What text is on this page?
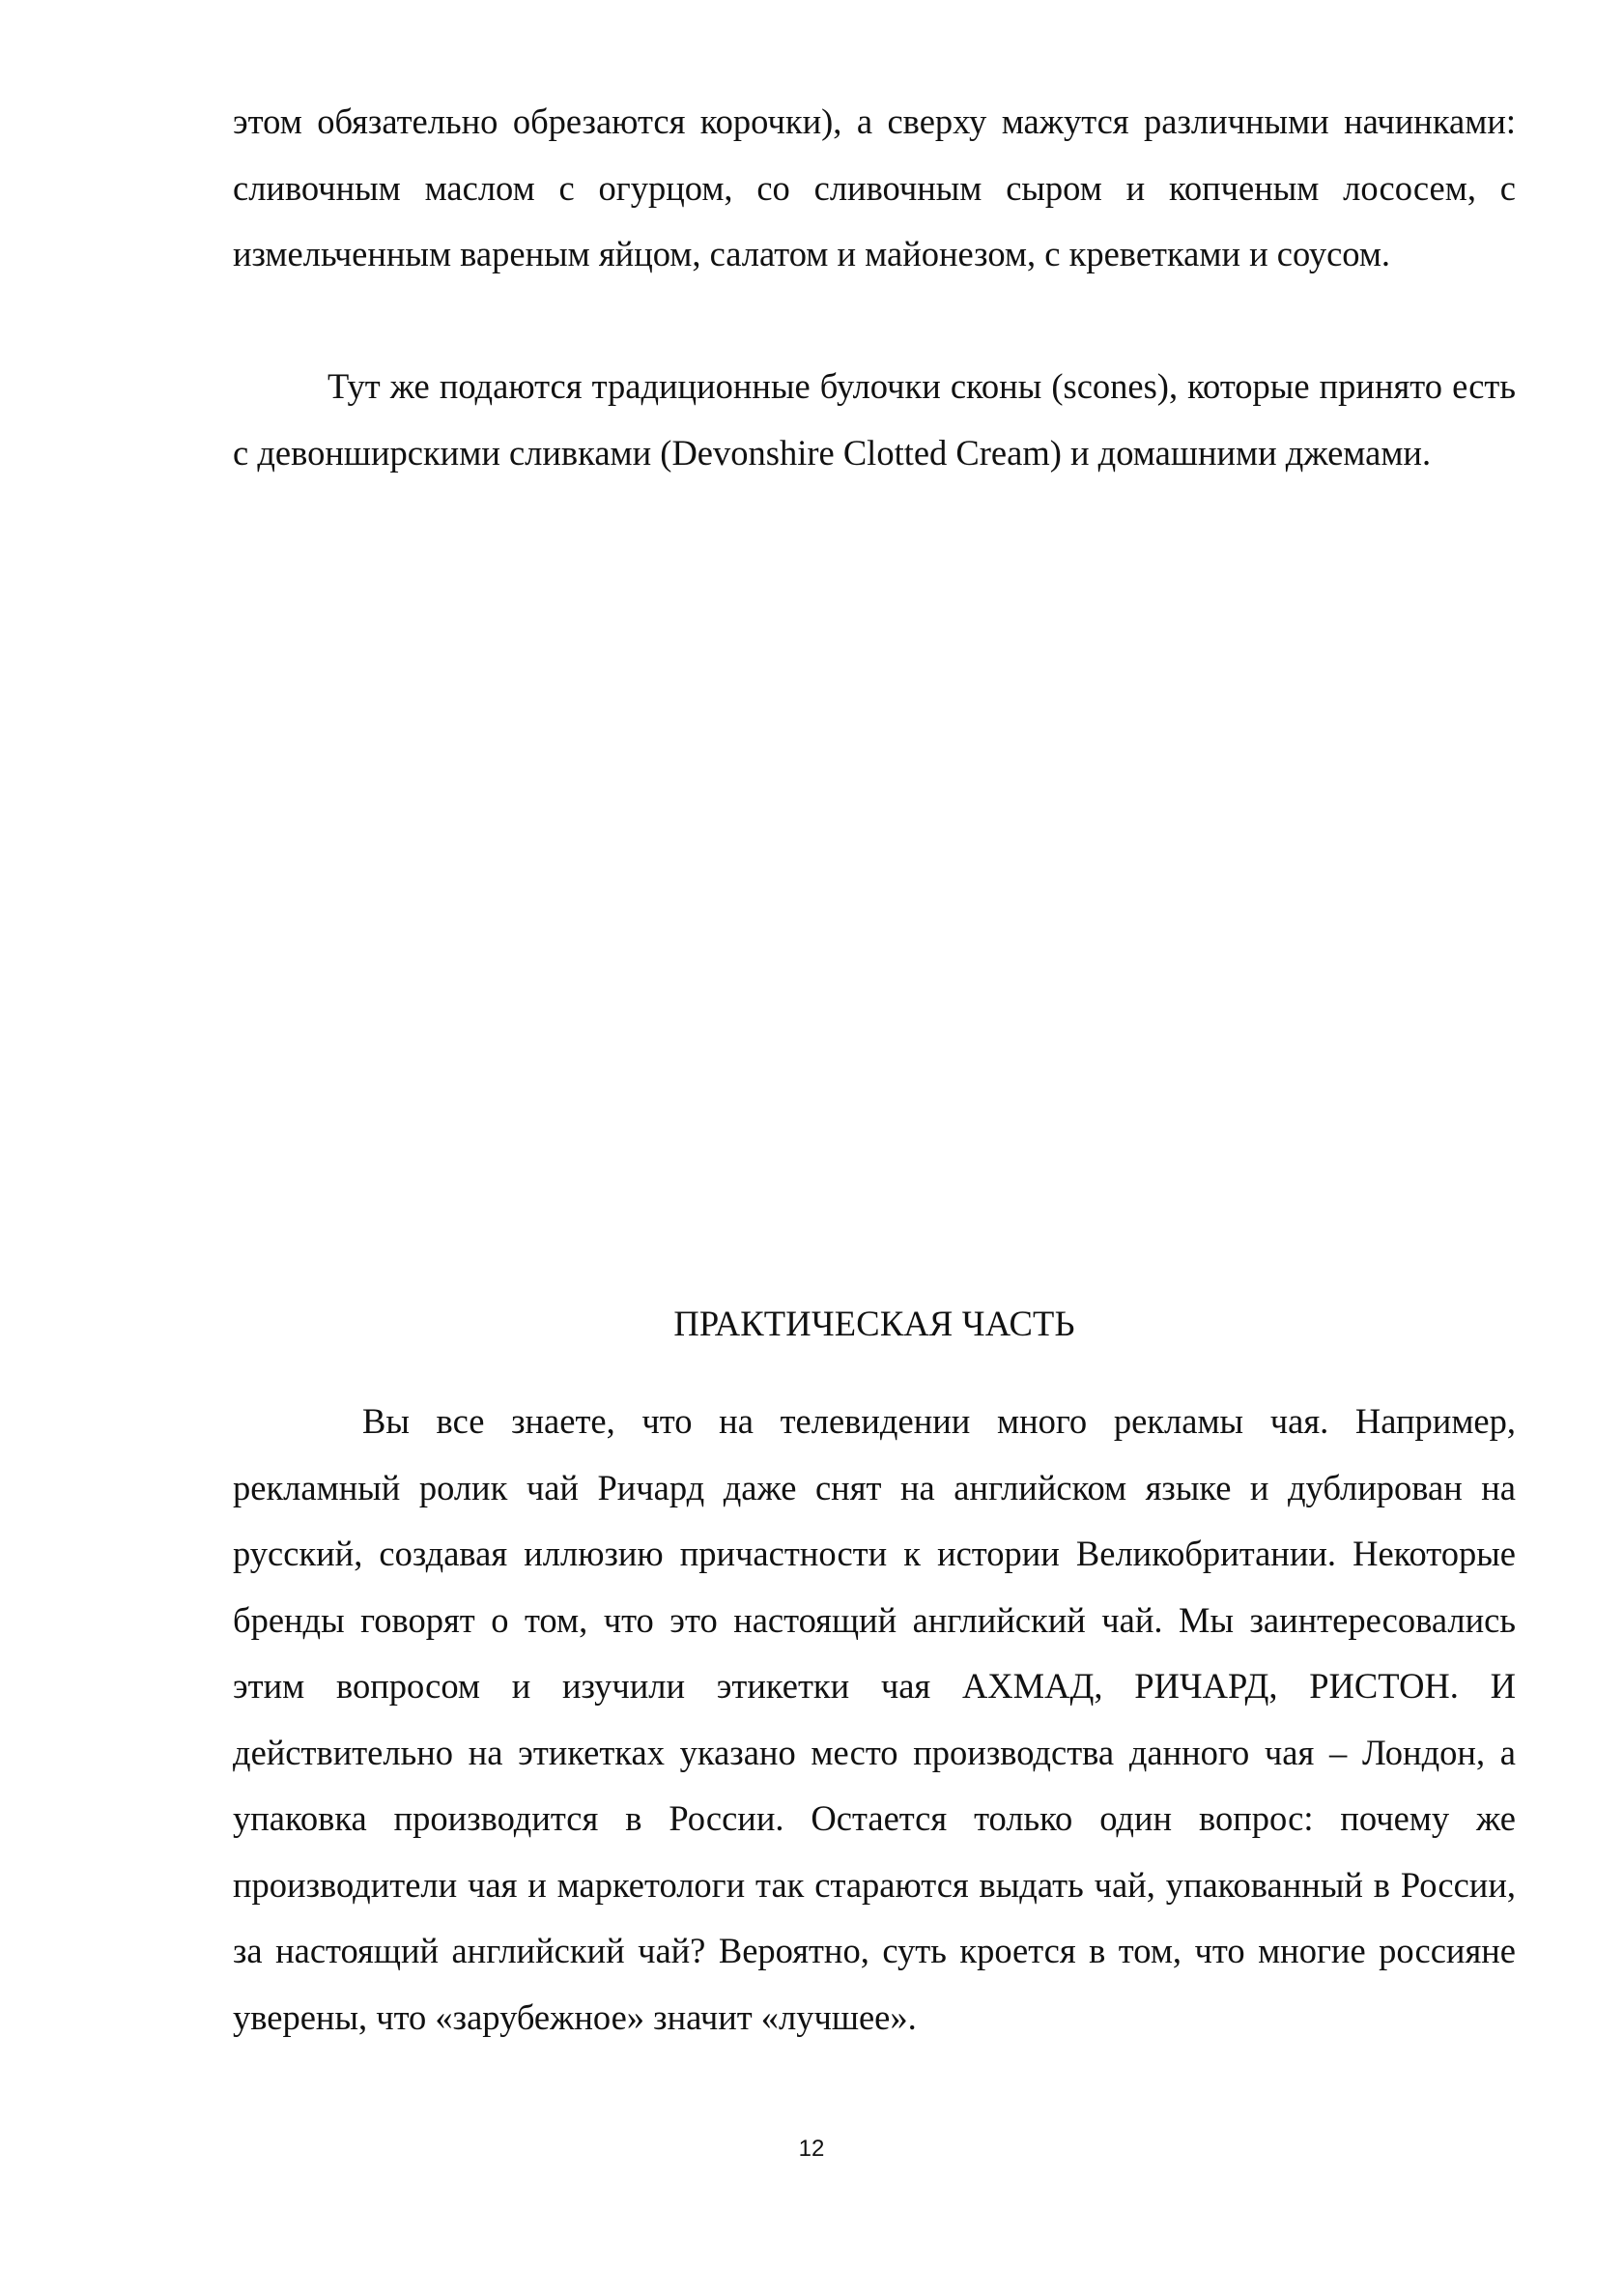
этом обязательно обрезаются корочки), а сверху мажутся различными начинками: сливочным маслом с огурцом, со сливочным сыром и копченым лососем, с измельченным вареным яйцом, салатом и майонезом, с креветками и соусом.

Тут же подаются традиционные булочки сконы (scones), которые принято есть с девонширскими сливками (Devonshire Clotted Cream) и домашними джемами.

ПРАКТИЧЕСКАЯ ЧАСТЬ

Вы все знаете, что на телевидении много рекламы чая. Например, рекламный ролик чай Ричард даже снят на английском языке и дублирован на русский, создавая иллюзию причастности к истории Великобритании. Некоторые бренды говорят о том, что это настоящий английский чай. Мы заинтересовались этим вопросом и изучили этикетки чая АХМАД, РИЧАРД, РИСТОН. И действительно на этикетках указано место производства данного чая – Лондон, а упаковка производится в России. Остается только один вопрос: почему же производители чая и маркетологи так стараются выдать чай, упакованный в России, за настоящий английский чай? Вероятно, суть кроется в том, что многие россияне уверены, что «зарубежное» значит «лучшее».

12
